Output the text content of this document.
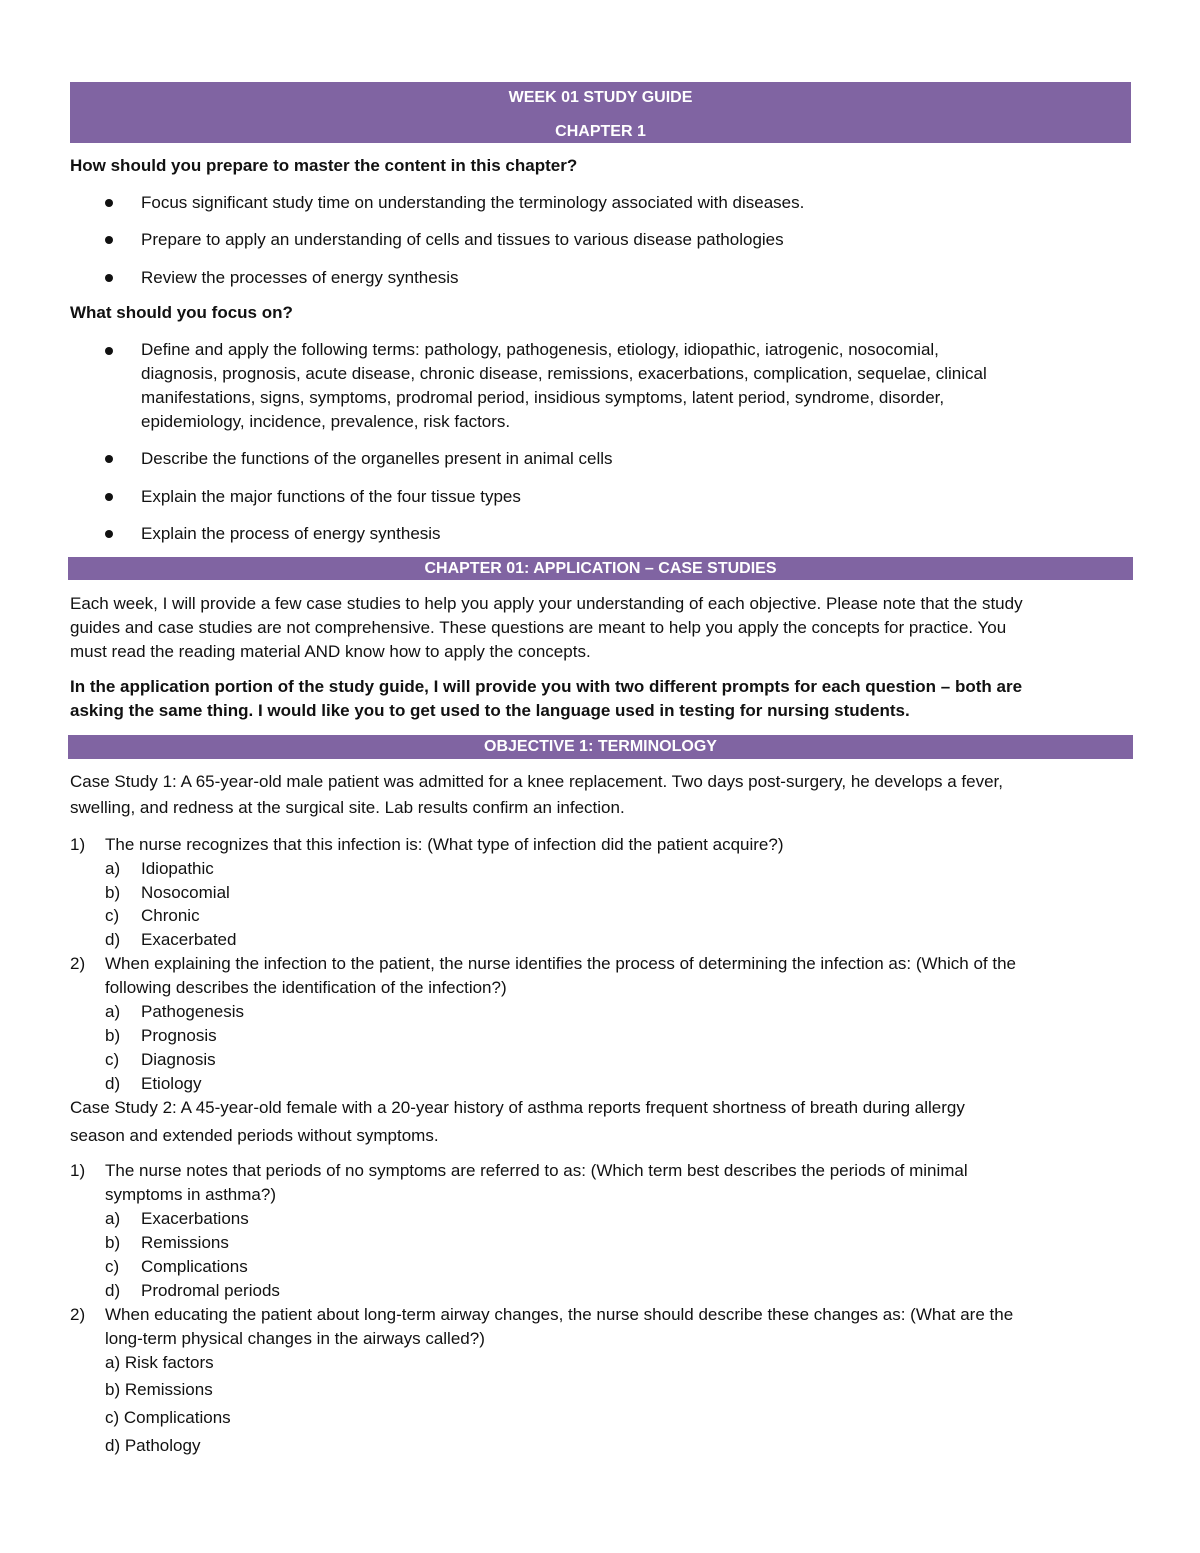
WEEK 01 STUDY GUIDE
CHAPTER 1
How should you prepare to master the content in this chapter?
Focus significant study time on understanding the terminology associated with diseases.
Prepare to apply an understanding of cells and tissues to various disease pathologies
Review the processes of energy synthesis
What should you focus on?
Define and apply the following terms: pathology, pathogenesis, etiology, idiopathic, iatrogenic, nosocomial,
diagnosis, prognosis, acute disease, chronic disease, remissions, exacerbations, complication, sequelae, clinical
manifestations, signs, symptoms, prodromal period, insidious symptoms, latent period, syndrome, disorder,
epidemiology, incidence, prevalence, risk factors.
Describe the functions of the organelles present in animal cells
Explain the major functions of the four tissue types
Explain the process of energy synthesis
CHAPTER 01: APPLICATION – CASE STUDIES
Each week, I will provide a few case studies to help you apply your understanding of each objective. Please note that the study
guides and case studies are not comprehensive. These questions are meant to help you apply the concepts for practice. You
must read the reading material AND know how to apply the concepts.
In the application portion of the study guide, I will provide you with two different prompts for each question – both are
asking the same thing. I would like you to get used to the language used in testing for nursing students.
OBJECTIVE 1: TERMINOLOGY
Case Study 1: A 65-year-old male patient was admitted for a knee replacement. Two days post-surgery, he develops a fever,
swelling, and redness at the surgical site. Lab results confirm an infection.
1)	The nurse recognizes that this infection is: (What type of infection did the patient acquire?)
a) Idiopathic
b) Nosocomial
c) Chronic
d) Exacerbated
2)	When explaining the infection to the patient, the nurse identifies the process of determining the infection as: (Which of the
following describes the identification of the infection?)
a) Pathogenesis
b) Prognosis
c) Diagnosis
d) Etiology
Case Study 2: A 45-year-old female with a 20-year history of asthma reports frequent shortness of breath during allergy
season and extended periods without symptoms.
1)	The nurse notes that periods of no symptoms are referred to as: (Which term best describes the periods of minimal
symptoms in asthma?)
a) Exacerbations
b) Remissions
c) Complications
d) Prodromal periods
2)	When educating the patient about long-term airway changes, the nurse should describe these changes as: (What are the
long-term physical changes in the airways called?)
a) Risk factors
b) Remissions
c) Complications
d) Pathology
